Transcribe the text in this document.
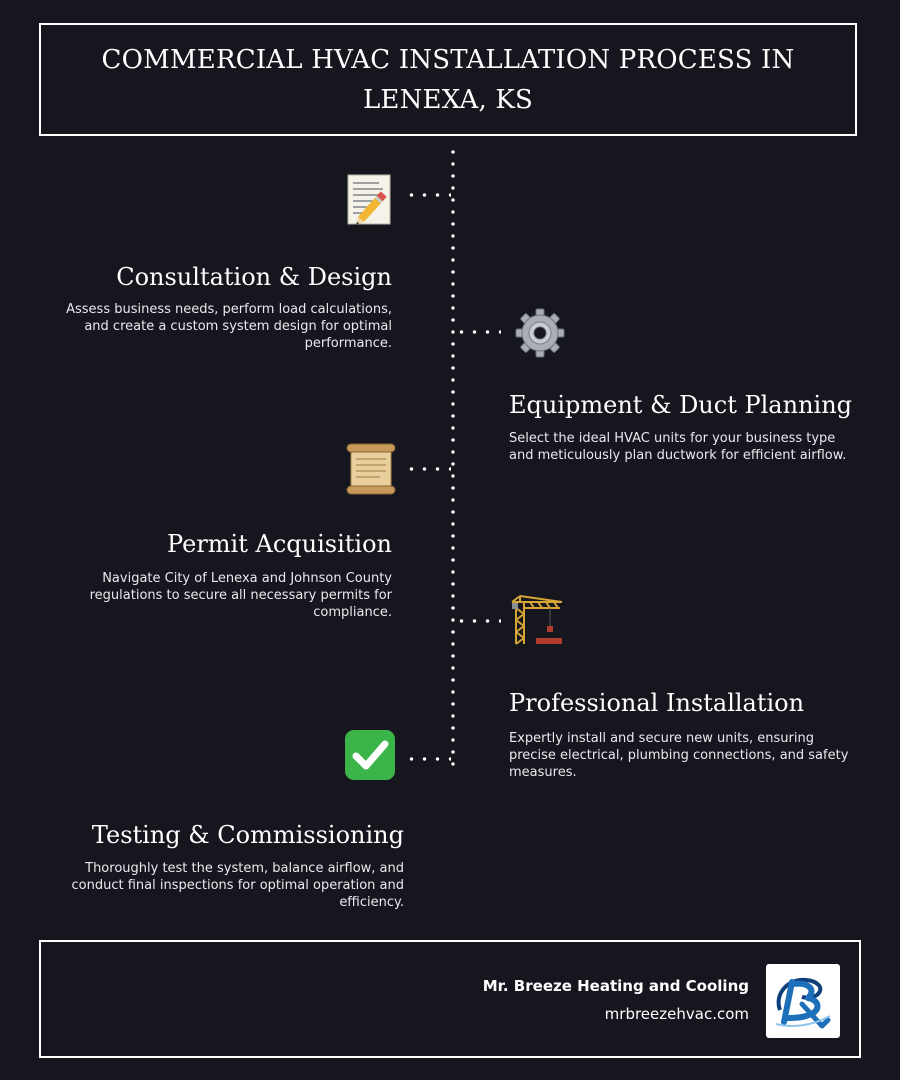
COMMERCIAL HVAC INSTALLATION PROCESS IN LENEXA, KS
Consultation & Design

Assess business needs, perform load calculations, and create a custom system design for optimal performance.

Equipment & Duct Planning

Select the ideal HVAC units for your business type and meticulously plan ductwork for efficient airflow.

Permit Acquisition

Navigate City of Lenexa and Johnson County regulations to secure all necessary permits for compliance.

Professional Installation

Expertly install and secure new units, ensuring precise electrical, plumbing connections, and safety measures.

Testing & Commissioning

Thoroughly test the system, balance airflow, and conduct final inspections for optimal operation and efficiency.

Mr. Breeze Heating and Cooling

mrbreezehvac.com
